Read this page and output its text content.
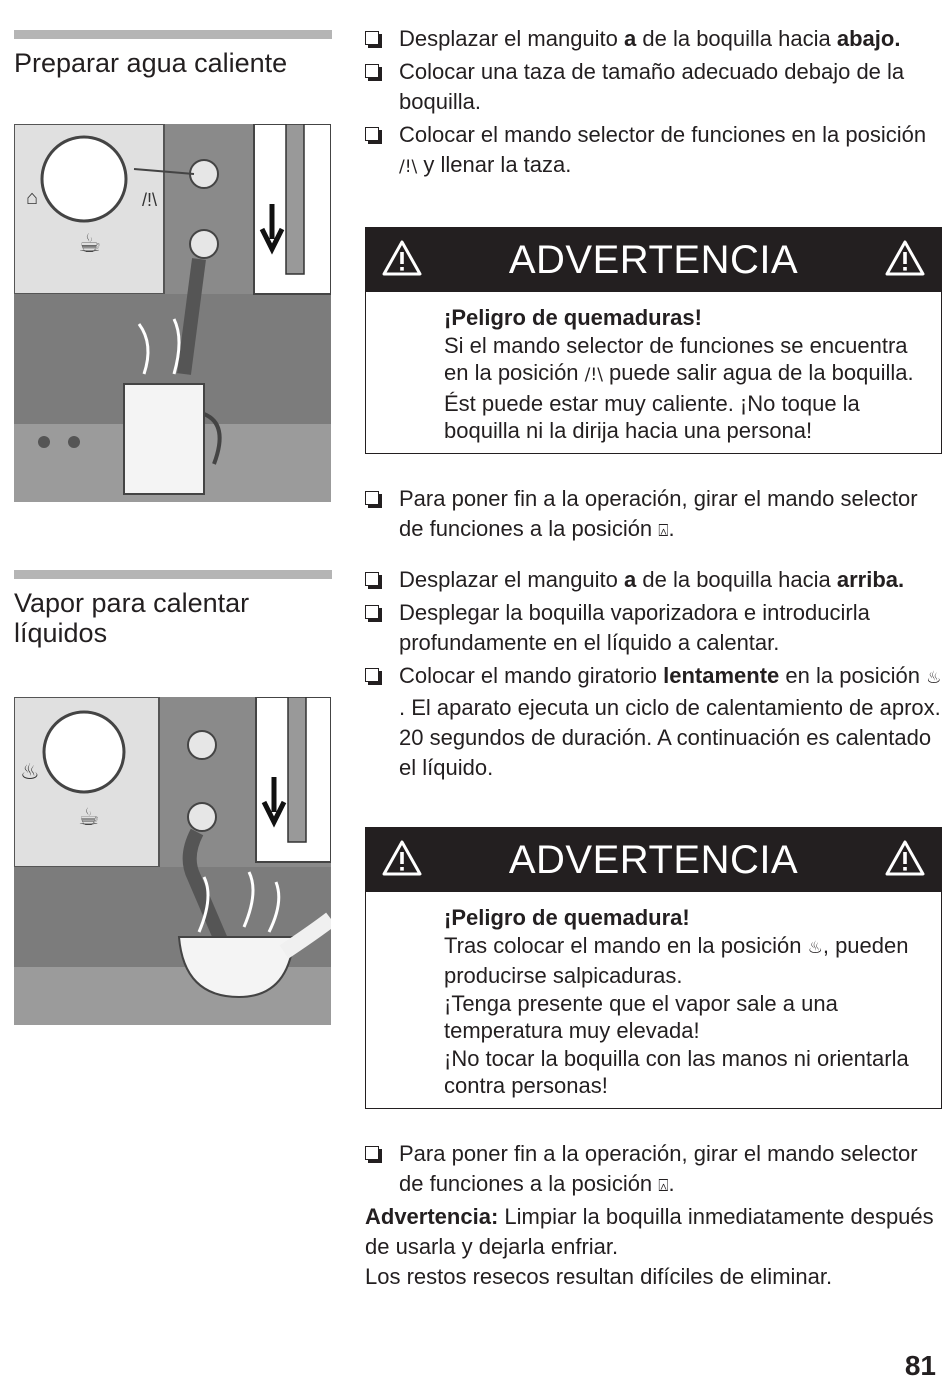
Preparar agua caliente
⌂	/!\
☕
Vapor para calentar líquidos
♨
☕

Desplazar el manguito a de la boquilla hacia abajo.

Colocar una taza de tamaño adecuado debajo de la boquilla.

Colocar el mando selector de funciones en la posición /!\ y llenar la taza.

ADVERTENCIA
¡Peligro de quemaduras!
Si el mando selector de funciones se encuentra en la posición /!\ puede salir agua de la boquilla. Ést puede estar muy caliente. ¡No toque la boquilla ni la dirija hacia una persona!

Para poner fin a la operación, girar el mando selector de funciones a la posición ⍓.

Desplazar el manguito a de la boquilla hacia arriba.

Desplegar la boquilla vaporizadora e introducirla profundamente en el líquido a calentar.

Colocar el mando giratorio lentamente en la posición ♨. El aparato ejecuta un ciclo de calentamiento de aprox. 20 segundos de duración. A continuación es calentado el líquido.

ADVERTENCIA
¡Peligro de quemadura!
Tras colocar el mando en la posición ♨, pueden producirse salpicaduras.
¡Tenga presente que el vapor sale a una temperatura muy elevada!
¡No tocar la boquilla con las manos ni orientarla contra personas!

Para poner fin a la operación, girar el mando selector de funciones a la posición ⍓.

Advertencia: Limpiar la boquilla inmediatamente después de usarla y dejarla enfriar.
Los restos resecos resultan difíciles de eliminar.
81
